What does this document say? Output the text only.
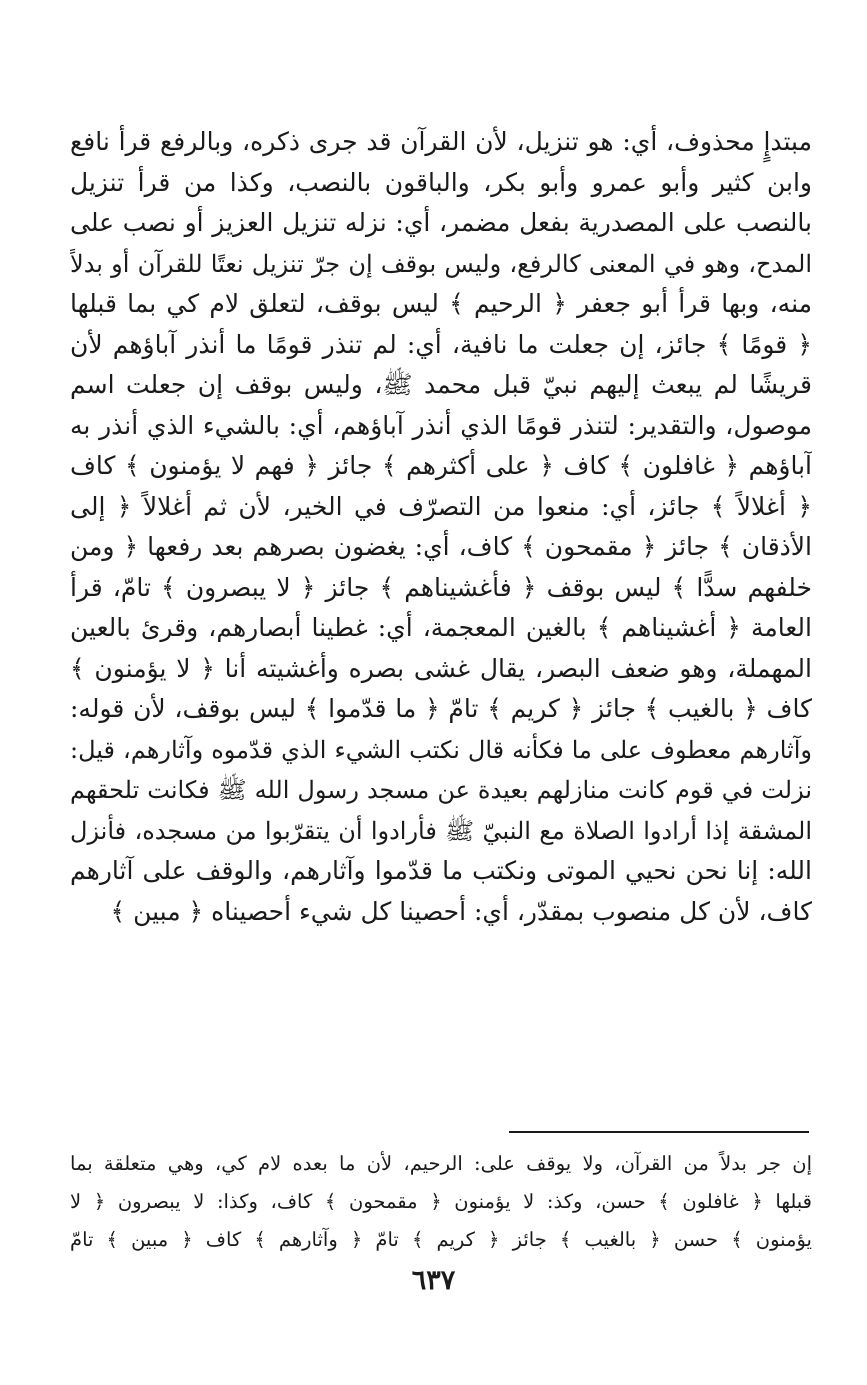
مبتدإٍ محذوف، أي: هو تنزيل، لأن القرآن قد جرى ذكره، وبالرفع قرأ نافع
وابن كثير وأبو عمرو وأبو بكر، والباقون بالنصب، وكذا من قرأ تنزيل
بالنصب على المصدرية بفعل مضمر، أي: نزله تنزيل العزيز أو نصب على
المدح، وهو في المعنى كالرفع، وليس بوقف إن جرّ تنزيل نعتًا للقرآن أو بدلاً
منه، وبها قرأ أبو جعفر ﴿ الرحيم ﴾ ليس بوقف، لتعلق لام كي بما قبلها
﴿ قومًا ﴾ جائز، إن جعلت ما نافية، أي: لم تنذر قومًا ما أنذر آباؤهم لأن
قريشًا لم يبعث إليهم نبيّ قبل محمد ﷺ، وليس بوقف إن جعلت اسم
موصول، والتقدير: لتنذر قومًا الذي أنذر آباؤهم، أي: بالشيء الذي أنذر به
آباؤهم ﴿ غافلون ﴾ كاف ﴿ على أكثرهم ﴾ جائز ﴿ فهم لا يؤمنون ﴾ كاف
﴿ أغلالاً ﴾ جائز، أي: منعوا من التصرّف في الخير، لأن ثم أغلالاً ﴿ إلى
الأذقان ﴾ جائز ﴿ مقمحون ﴾ كاف، أي: يغضون بصرهم بعد رفعها ﴿ ومن
خلفهم سدًّا ﴾ ليس بوقف ﴿ فأغشيناهم ﴾ جائز ﴿ لا يبصرون ﴾ تامّ، قرأ
العامة ﴿ أغشيناهم ﴾ بالغين المعجمة، أي: غطينا أبصارهم، وقرئ بالعين
المهملة، وهو ضعف البصر، يقال غشى بصره وأغشيته أنا ﴿ لا يؤمنون ﴾
كاف ﴿ بالغيب ﴾ جائز ﴿ كريم ﴾ تامّ ﴿ ما قدّموا ﴾ ليس بوقف، لأن قوله:
وآثارهم معطوف على ما فكأنه قال نكتب الشيء الذي قدّموه وآثارهم، قيل:
نزلت في قوم كانت منازلهم بعيدة عن مسجد رسول الله ﷺ فكانت تلحقهم
المشقة إذا أرادوا الصلاة مع النبيّ ﷺ فأرادوا أن يتقرّبوا من مسجده، فأنزل
الله: إنا نحن نحيي الموتى ونكتب ما قدّموا وآثارهم، والوقف على آثارهم
كاف، لأن كل منصوب بمقدّر، أي: أحصينا كل شيء أحصيناه ﴿ مبين ﴾
إن جر بدلاً من القرآن، ولا يوقف على: الرحيم، لأن ما بعده لام كي، وهي متعلقة بما
قبلها ﴿ غافلون ﴾ حسن، وكذ: لا يؤمنون ﴿ مقمحون ﴾ كاف، وكذا: لا يبصرون ﴿ لا
يؤمنون ﴾ حسن ﴿ بالغيب ﴾ جائز ﴿ كريم ﴾ تامّ ﴿ وآثارهم ﴾ كاف ﴿ مبين ﴾ تامّ
٦٣٧
